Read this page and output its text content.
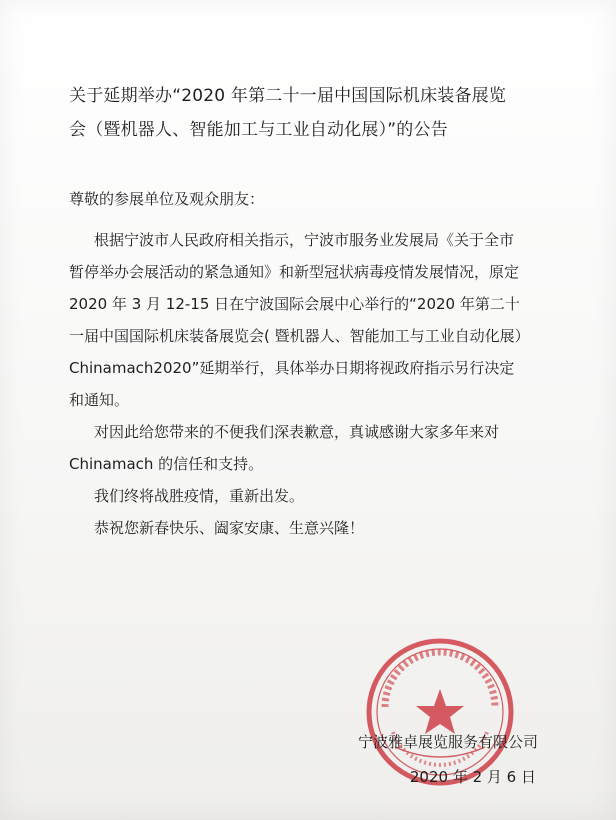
关于延期举办“2020 年第二十一届中国国际机床装备展览
会（暨机器人、智能加工与工业自动化展）”的公告

尊敬的参展单位及观众朋友：

根据宁波市人民政府相关指示，宁波市服务业发展局《关于全市
暂停举办会展活动的紧急通知》和新型冠状病毒疫情发展情况，原定
2020 年 3 月 12-15 日在宁波国际会展中心举行的“2020 年第二十
一届中国国际机床装备展览会( 暨机器人、智能加工与工业自动化展）
Chinamach2020”延期举行，具体举办日期将视政府指示另行决定
和通知。
对因此给您带来的不便我们深表歉意，真诚感谢大家多年来对
Chinamach 的信任和支持。
我们终将战胜疫情，重新出发。
恭祝您新春快乐、阖家安康、生意兴隆！
宁波雅卓展览服务有限公司
2020 年 2 月 6 日
